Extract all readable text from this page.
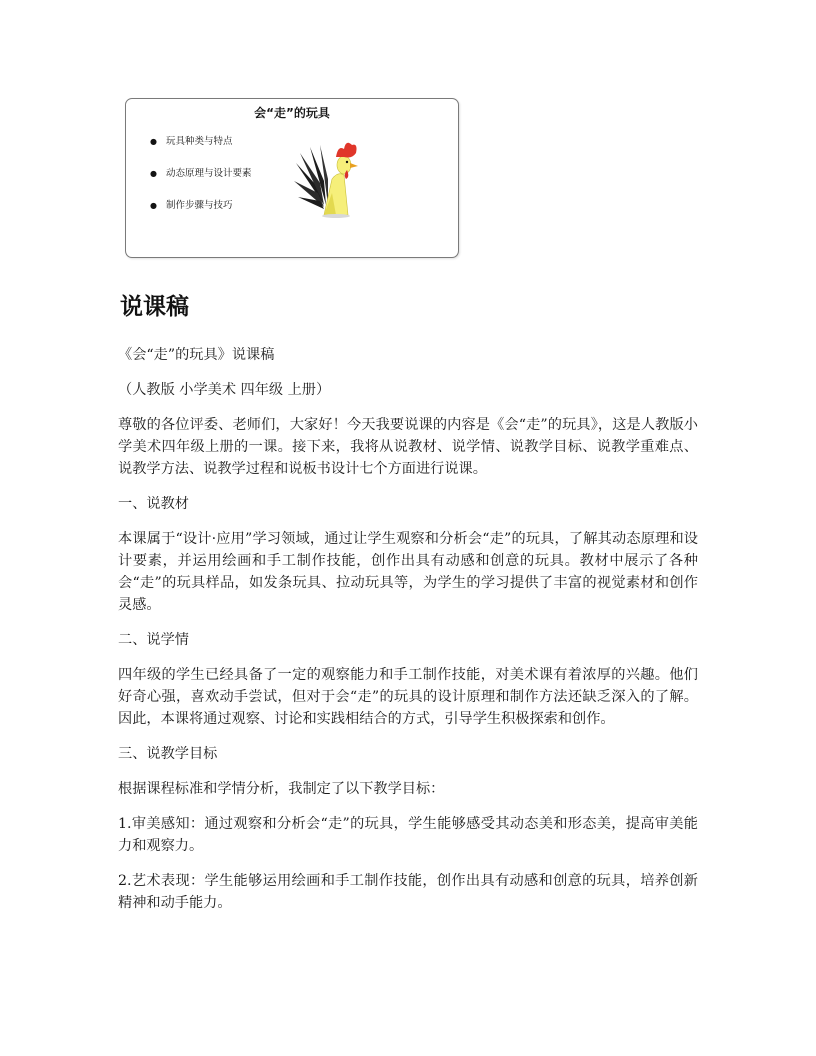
会“走”的玩具
● 玩具种类与特点
● 动态原理与设计要素
● 制作步骤与技巧
说课稿

《会“走”的玩具》说课稿

（人教版 小学美术 四年级 上册）

尊敬的各位评委、老师们，大家好！今天我要说课的内容是《会“走”的玩具》，这是人教版小学美术四年级上册的一课。接下来，我将从说教材、说学情、说教学目标、说教学重难点、说教学方法、说教学过程和说板书设计七个方面进行说课。

一、说教材

本课属于“设计·应用”学习领域，通过让学生观察和分析会“走”的玩具，了解其动态原理和设计要素，并运用绘画和手工制作技能，创作出具有动感和创意的玩具。教材中展示了各种会“走”的玩具样品，如发条玩具、拉动玩具等，为学生的学习提供了丰富的视觉素材和创作灵感。

二、说学情

四年级的学生已经具备了一定的观察能力和手工制作技能，对美术课有着浓厚的兴趣。他们好奇心强，喜欢动手尝试，但对于会“走”的玩具的设计原理和制作方法还缺乏深入的了解。因此，本课将通过观察、讨论和实践相结合的方式，引导学生积极探索和创作。

三、说教学目标

根据课程标准和学情分析，我制定了以下教学目标：

1.审美感知：通过观察和分析会“走”的玩具，学生能够感受其动态美和形态美，提高审美能力和观察力。

2.艺术表现：学生能够运用绘画和手工制作技能，创作出具有动感和创意的玩具，培养创新精神和动手能力。
